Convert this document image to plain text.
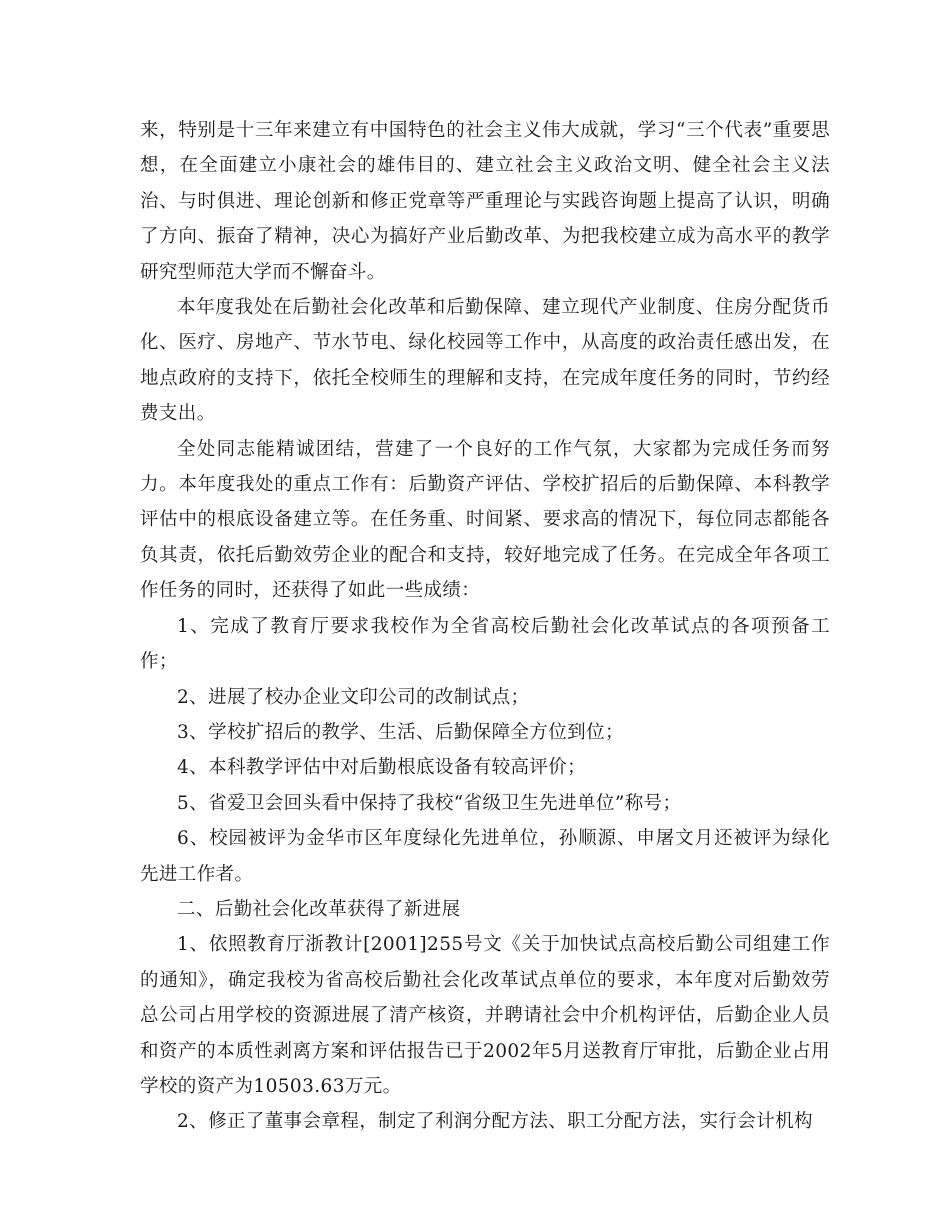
来，特别是十三年来建立有中国特色的社会主义伟大成就，学习“三个代表”重要思想，在全面建立小康社会的雄伟目的、建立社会主义政治文明、健全社会主义法治、与时俱进、理论创新和修正党章等严重理论与实践咨询题上提高了认识，明确了方向、振奋了精神，决心为搞好产业后勤改革、为把我校建立成为高水平的教学研究型师范大学而不懈奋斗。

本年度我处在后勤社会化改革和后勤保障、建立现代产业制度、住房分配货币化、医疗、房地产、节水节电、绿化校园等工作中，从高度的政治责任感出发，在地点政府的支持下，依托全校师生的理解和支持，在完成年度任务的同时，节约经费支出。

全处同志能精诚团结，营建了一个良好的工作气氛，大家都为完成任务而努力。本年度我处的重点工作有：后勤资产评估、学校扩招后的后勤保障、本科教学评估中的根底设备建立等。在任务重、时间紧、要求高的情况下，每位同志都能各负其责，依托后勤效劳企业的配合和支持，较好地完成了任务。在完成全年各项工作任务的同时，还获得了如此一些成绩：

1、完成了教育厅要求我校作为全省高校后勤社会化改革试点的各项预备工作；

2、进展了校办企业文印公司的改制试点；

3、学校扩招后的教学、生活、后勤保障全方位到位；

4、本科教学评估中对后勤根底设备有较高评价；

5、省爱卫会回头看中保持了我校“省级卫生先进单位”称号；

6、校园被评为金华市区年度绿化先进单位，孙顺源、申屠文月还被评为绿化先进工作者。

二、后勤社会化改革获得了新进展

1、依照教育厅浙教计[2001]255号文《关于加快试点高校后勤公司组建工作的通知》，确定我校为省高校后勤社会化改革试点单位的要求，本年度对后勤效劳总公司占用学校的资源进展了清产核资，并聘请社会中介机构评估，后勤企业人员和资产的本质性剥离方案和评估报告已于2002年5月送教育厅审批，后勤企业占用学校的资产为10503.63万元。

2、修正了董事会章程，制定了利润分配方法、职工分配方法，实行会计机构
